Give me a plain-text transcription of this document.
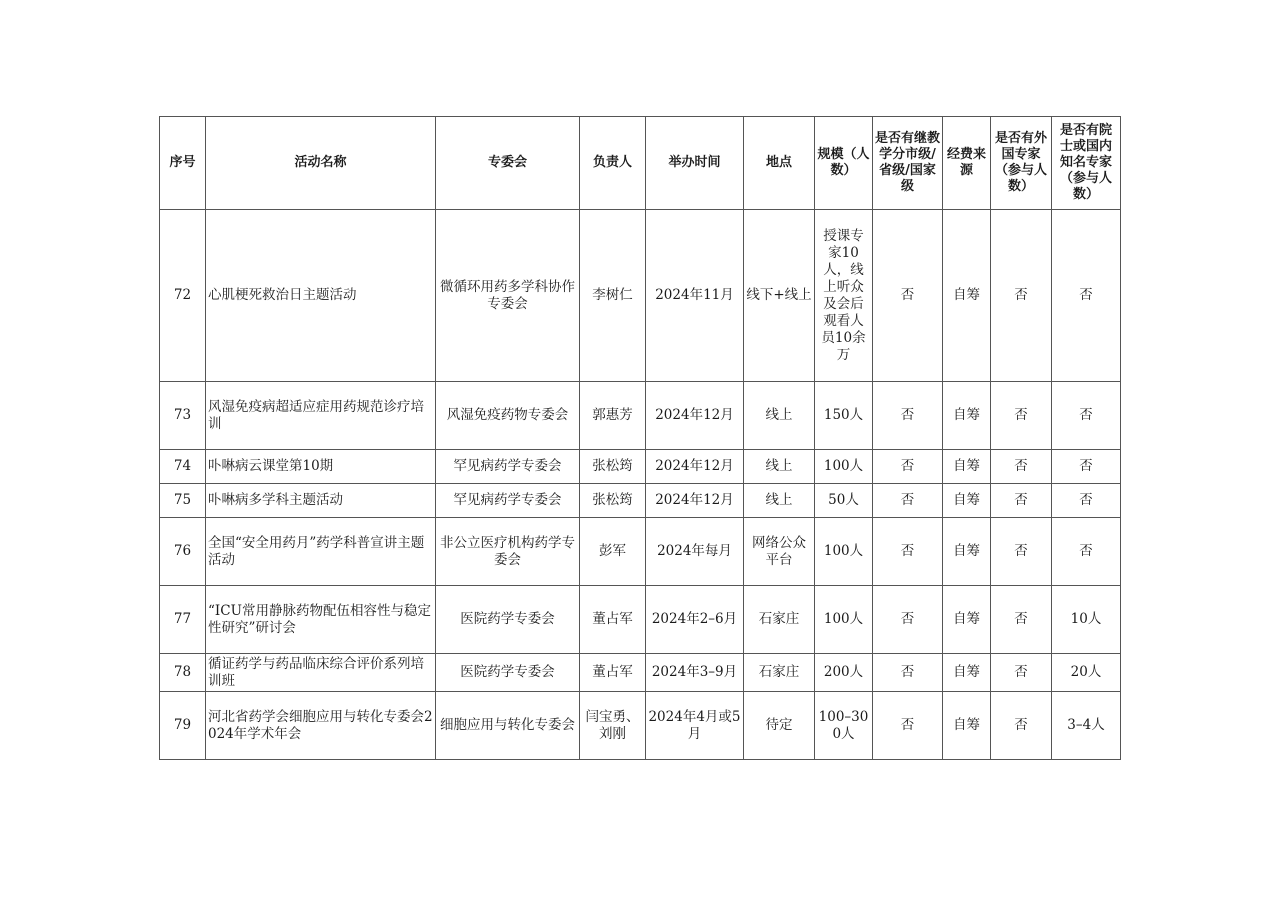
序号	活动名称	专委会	负责人	举办时间	地点	规模（人数）	是否有继教学分市级/省级/国家级	经费来源	是否有外国专家（参与人数）	是否有院士或国内知名专家（参与人数）
72	心肌梗死救治日主题活动	微循环用药多学科协作专委会	李树仁	2024年11月	线下+线上	授课专家10人，线上听众及会后观看人员10余万	否	自筹	否	否
73	风湿免疫病超适应症用药规范诊疗培训	风湿免疫药物专委会	郭惠芳	2024年12月	线上	150人	否	自筹	否	否
74	卟啉病云课堂第10期	罕见病药学专委会	张松筠	2024年12月	线上	100人	否	自筹	否	否
75	卟啉病多学科主题活动	罕见病药学专委会	张松筠	2024年12月	线上	50人	否	自筹	否	否
76	全国“安全用药月”药学科普宣讲主题活动	非公立医疗机构药学专委会	彭军	2024年每月	网络公众平台	100人	否	自筹	否	否
77	“ICU常用静脉药物配伍相容性与稳定性研究”研讨会	医院药学专委会	董占军	2024年2–6月	石家庄	100人	否	自筹	否	10人
78	循证药学与药品临床综合评价系列培训班	医院药学专委会	董占军	2024年3–9月	石家庄	200人	否	自筹	否	20人
79	河北省药学会细胞应用与转化专委会2024年学术年会	细胞应用与转化专委会	闫宝勇、刘刚	2024年4月或5月	待定	100–300人	否	自筹	否	3–4人
